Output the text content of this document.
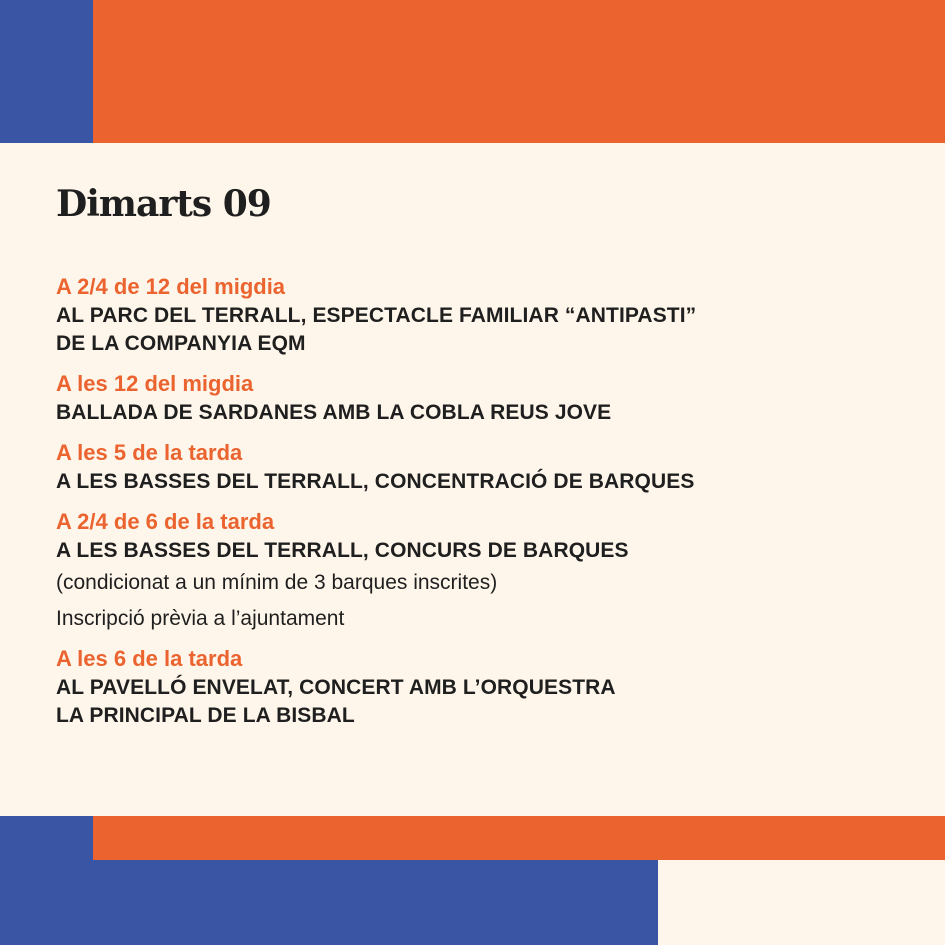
Dimarts 09

A 2/4 de 12 del migdia

AL PARC DEL TERRALL, ESPECTACLE FAMILIAR “ANTIPASTI”
DE LA COMPANYIA EQM

A les 12 del migdia

BALLADA DE SARDANES AMB LA COBLA REUS JOVE

A les 5 de la tarda

A LES BASSES DEL TERRALL, CONCENTRACIÓ DE BARQUES

A 2/4 de 6 de la tarda

A LES BASSES DEL TERRALL, CONCURS DE BARQUES

(condicionat a un mínim de 3 barques inscrites)

Inscripció prèvia a l’ajuntament

A les 6 de la tarda

AL PAVELLÓ ENVELAT, CONCERT AMB L’ORQUESTRA
LA PRINCIPAL DE LA BISBAL
